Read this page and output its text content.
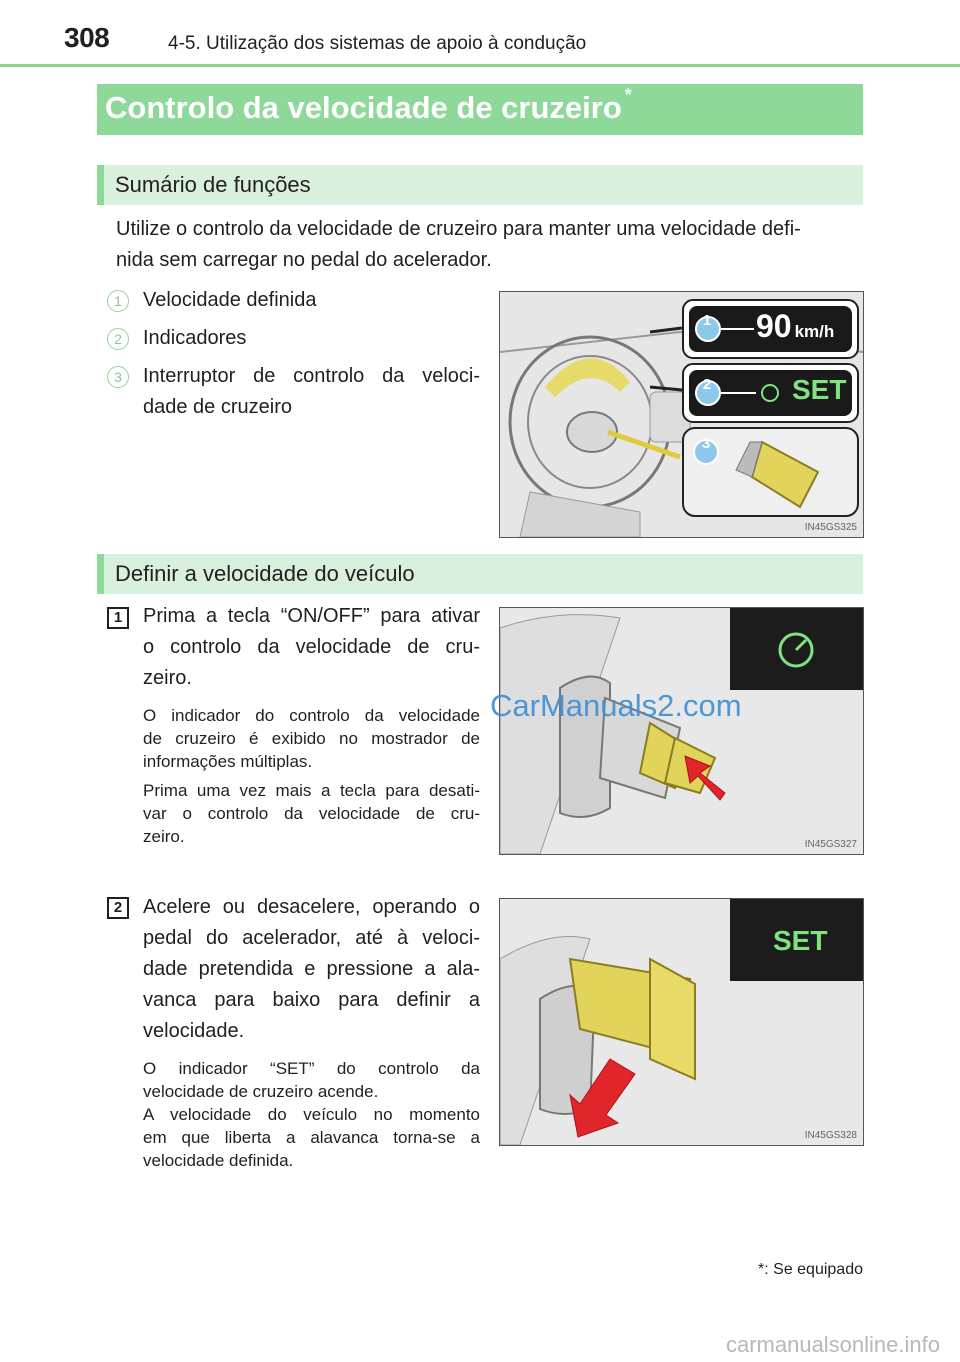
308	4-5. Utilização dos sistemas de apoio à condução
Controlo da velocidade de cruzeiro *
Sumário de funções
Utilize o controlo da velocidade de cruzeiro para manter uma velocidade defi-
nida sem carregar no pedal do acelerador.
1	Velocidade definida
2	Indicadores
3	Interruptor de controlo da veloci-
dade de cruzeiro
1
2
3
90 km/h
SET
IN45GS325
Definir a velocidade do veículo
1	Prima a tecla “ON/OFF” para ativar
o controlo da velocidade de cru-
zeiro.
O indicador do controlo da velocidade
de cruzeiro é exibido no mostrador de
informações múltiplas.
Prima uma vez mais a tecla para desati-
var o controlo da velocidade de cru-
zeiro.	IN45GS327
CarManuals2.com
2	Acelere ou desacelere, operando o
pedal do acelerador, até à veloci-
dade pretendida e pressione a ala-
vanca para baixo para definir a
velocidade.
O indicador “SET” do controlo da
velocidade de cruzeiro acende.
A velocidade do veículo no momento
em que liberta a alavanca torna-se a
velocidade definida.
SET
IN45GS328
*: Se equipado
carmanualsonline.info
